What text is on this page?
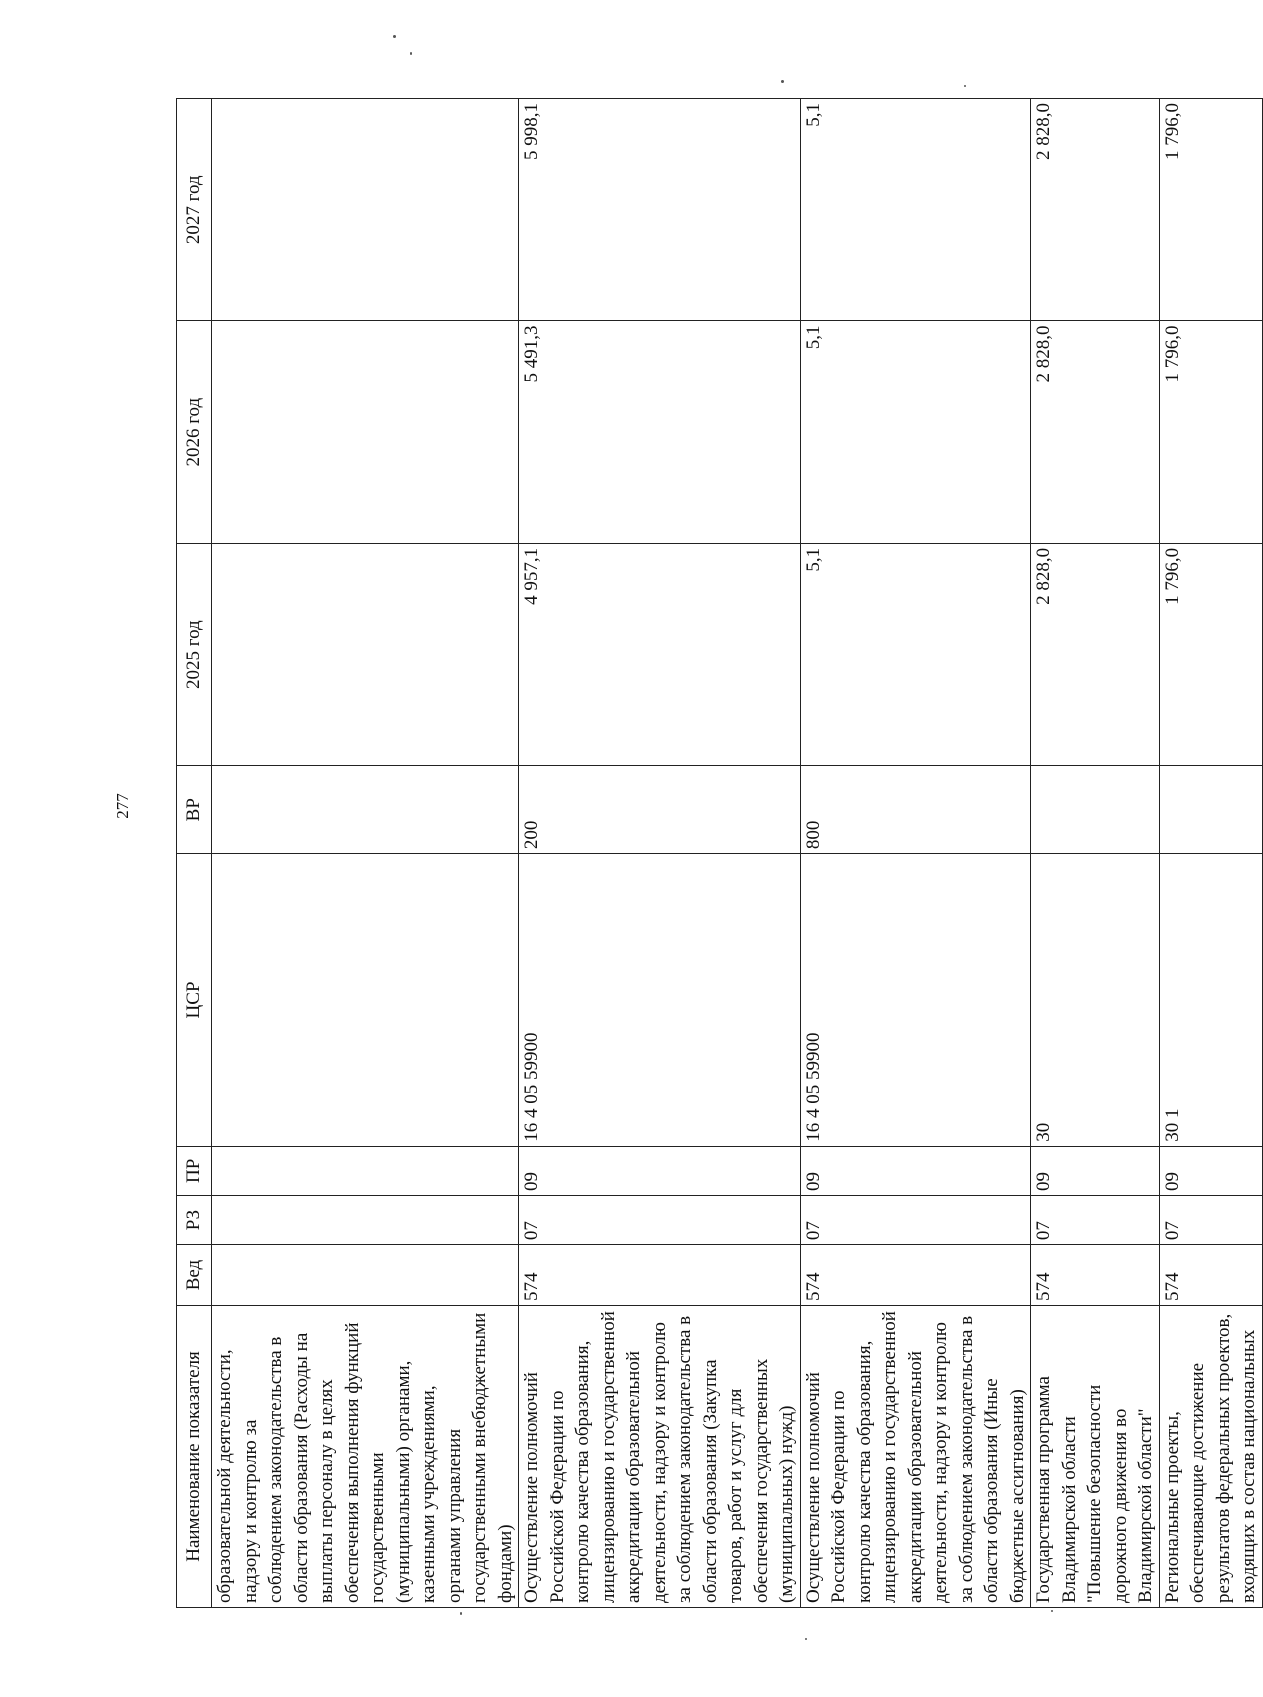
277
Наименование показателя	Вед	РЗ	ПР	ЦСР	ВР	2025 год	2026 год	2027 год
образовательной деятельности, надзору и контролю за соблюдением законодательства в области образования (Расходы на выплаты персоналу в целях обеспечения выполнения функций государственными (муниципальными) органами, казенными учреждениями, органами управления государственными внебюджетными фондами)								
Осуществление полномочий Российской Федерации по контролю качества образования, лицензированию и государственной аккредитации образовательной деятельности, надзору и контролю за соблюдением законодательства в области образования (Закупка товаров, работ и услуг для обеспечения государственных (муниципальных) нужд)	574	07	09	16 4 05 59900	200	4 957,1	5 491,3	5 998,1
Осуществление полномочий Российской Федерации по контролю качества образования, лицензированию и государственной аккредитации образовательной деятельности, надзору и контролю за соблюдением законодательства в области образования (Иные бюджетные ассигнования)	574	07	09	16 4 05 59900	800	5,1	5,1	5,1
Государственная программа Владимирской области "Повышение безопасности дорожного движения во Владимирской области"	574	07	09	30		2 828,0	2 828,0	2 828,0
Региональные проекты, обеспечивающие достижение результатов федеральных проектов, входящих в состав национальных	574	07	09	30 1		1 796,0	1 796,0	1 796,0
